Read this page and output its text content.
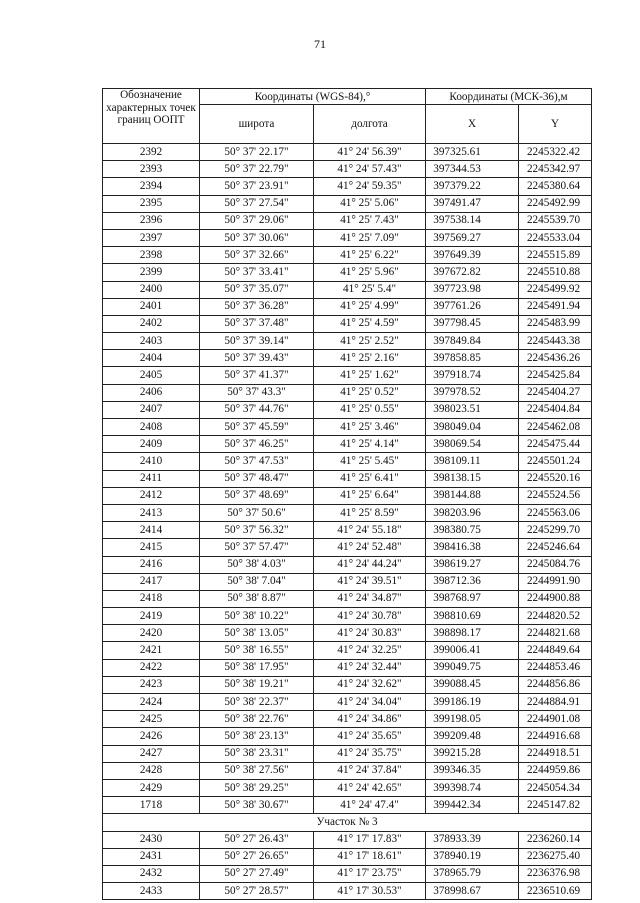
71
Обозначение характерных точек границ ООПТ	Координаты (WGS-84),°		Координаты (МСК-36),м	
	широта	долгота	X	Y
2392	50° 37' 22.17"	41° 24' 56.39"	397325.61	2245322.42
2393	50° 37' 22.79"	41° 24' 57.43"	397344.53	2245342.97
2394	50° 37' 23.91"	41° 24' 59.35"	397379.22	2245380.64
2395	50° 37' 27.54"	41° 25' 5.06"	397491.47	2245492.99
2396	50° 37' 29.06"	41° 25' 7.43"	397538.14	2245539.70
2397	50° 37' 30.06"	41° 25' 7.09"	397569.27	2245533.04
2398	50° 37' 32.66"	41° 25' 6.22"	397649.39	2245515.89
2399	50° 37' 33.41"	41° 25' 5.96"	397672.82	2245510.88
2400	50° 37' 35.07"	41° 25' 5.4"	397723.98	2245499.92
2401	50° 37' 36.28"	41° 25' 4.99"	397761.26	2245491.94
2402	50° 37' 37.48"	41° 25' 4.59"	397798.45	2245483.99
2403	50° 37' 39.14"	41° 25' 2.52"	397849.84	2245443.38
2404	50° 37' 39.43"	41° 25' 2.16"	397858.85	2245436.26
2405	50° 37' 41.37"	41° 25' 1.62"	397918.74	2245425.84
2406	50° 37' 43.3"	41° 25' 0.52"	397978.52	2245404.27
2407	50° 37' 44.76"	41° 25' 0.55"	398023.51	2245404.84
2408	50° 37' 45.59"	41° 25' 3.46"	398049.04	2245462.08
2409	50° 37' 46.25"	41° 25' 4.14"	398069.54	2245475.44
2410	50° 37' 47.53"	41° 25' 5.45"	398109.11	2245501.24
2411	50° 37' 48.47"	41° 25' 6.41"	398138.15	2245520.16
2412	50° 37' 48.69"	41° 25' 6.64"	398144.88	2245524.56
2413	50° 37' 50.6"	41° 25' 8.59"	398203.96	2245563.06
2414	50° 37' 56.32"	41° 24' 55.18"	398380.75	2245299.70
2415	50° 37' 57.47"	41° 24' 52.48"	398416.38	2245246.64
2416	50° 38' 4.03"	41° 24' 44.24"	398619.27	2245084.76
2417	50° 38' 7.04"	41° 24' 39.51"	398712.36	2244991.90
2418	50° 38' 8.87"	41° 24' 34.87"	398768.97	2244900.88
2419	50° 38' 10.22"	41° 24' 30.78"	398810.69	2244820.52
2420	50° 38' 13.05"	41° 24' 30.83"	398898.17	2244821.68
2421	50° 38' 16.55"	41° 24' 32.25"	399006.41	2244849.64
2422	50° 38' 17.95"	41° 24' 32.44"	399049.75	2244853.46
2423	50° 38' 19.21"	41° 24' 32.62"	399088.45	2244856.86
2424	50° 38' 22.37"	41° 24' 34.04"	399186.19	2244884.91
2425	50° 38' 22.76"	41° 24' 34.86"	399198.05	2244901.08
2426	50° 38' 23.13"	41° 24' 35.65"	399209.48	2244916.68
2427	50° 38' 23.31"	41° 24' 35.75"	399215.28	2244918.51
2428	50° 38' 27.56"	41° 24' 37.84"	399346.35	2244959.86
2429	50° 38' 29.25"	41° 24' 42.65"	399398.74	2245054.34
1718	50° 38' 30.67"	41° 24' 47.4"	399442.34	2245147.82
Участок № 3				
2430	50° 27' 26.43"	41° 17' 17.83"	378933.39	2236260.14
2431	50° 27' 26.65"	41° 17' 18.61"	378940.19	2236275.40
2432	50° 27' 27.49"	41° 17' 23.75"	378965.79	2236376.98
2433	50° 27' 28.57"	41° 17' 30.53"	378998.67	2236510.69
